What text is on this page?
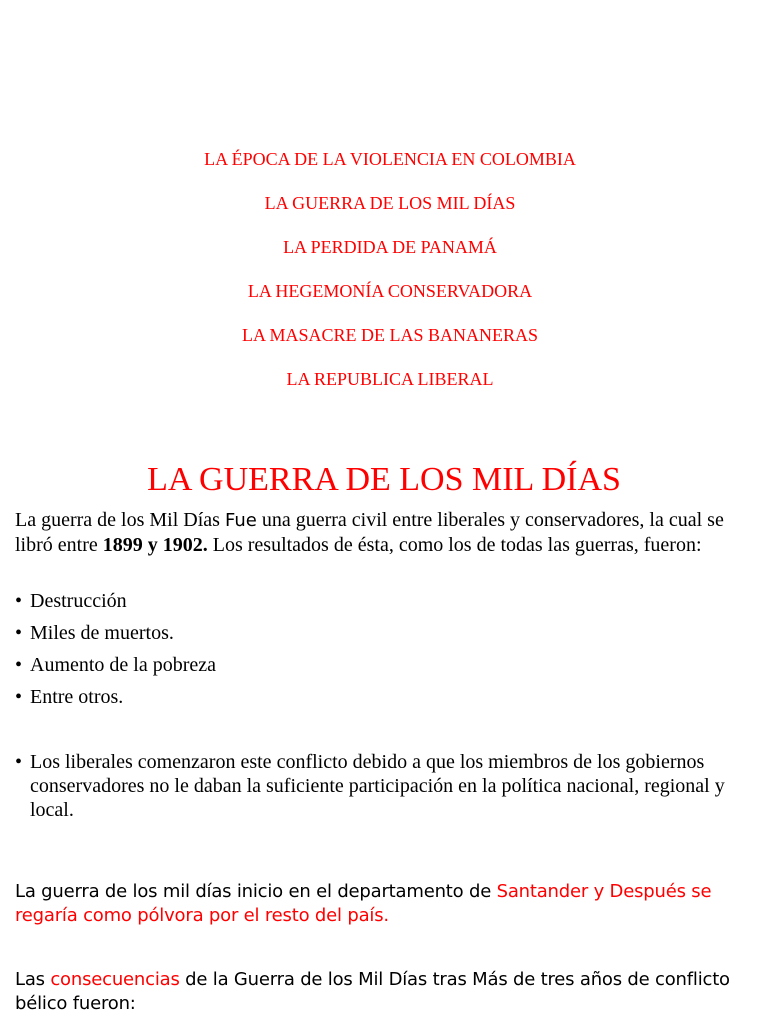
LA ÉPOCA DE LA VIOLENCIA EN COLOMBIA
LA GUERRA DE LOS MIL DÍAS
LA PERDIDA DE PANAMÁ
LA HEGEMONÍA CONSERVADORA
LA MASACRE DE LAS BANANERAS
LA REPUBLICA LIBERAL
LA GUERRA DE LOS MIL DÍAS

La guerra de los Mil Días Fue una guerra civil entre liberales y conservadores, la cual se libró entre 1899 y 1902. Los resultados de ésta, como los de todas las guerras, fueron:

• Destrucción
• Miles de muertos.
• Aumento de la pobreza
• Entre otros.

• Los liberales comenzaron este conflicto debido a que los miembros de los gobiernos conservadores no le daban la suficiente participación en la política nacional, regional y local.

La guerra de los mil días inicio en el departamento de Santander y Después se regaría como pólvora por el resto del país.

Las consecuencias de la Guerra de los Mil Días tras Más de tres años de conflicto bélico fueron:
